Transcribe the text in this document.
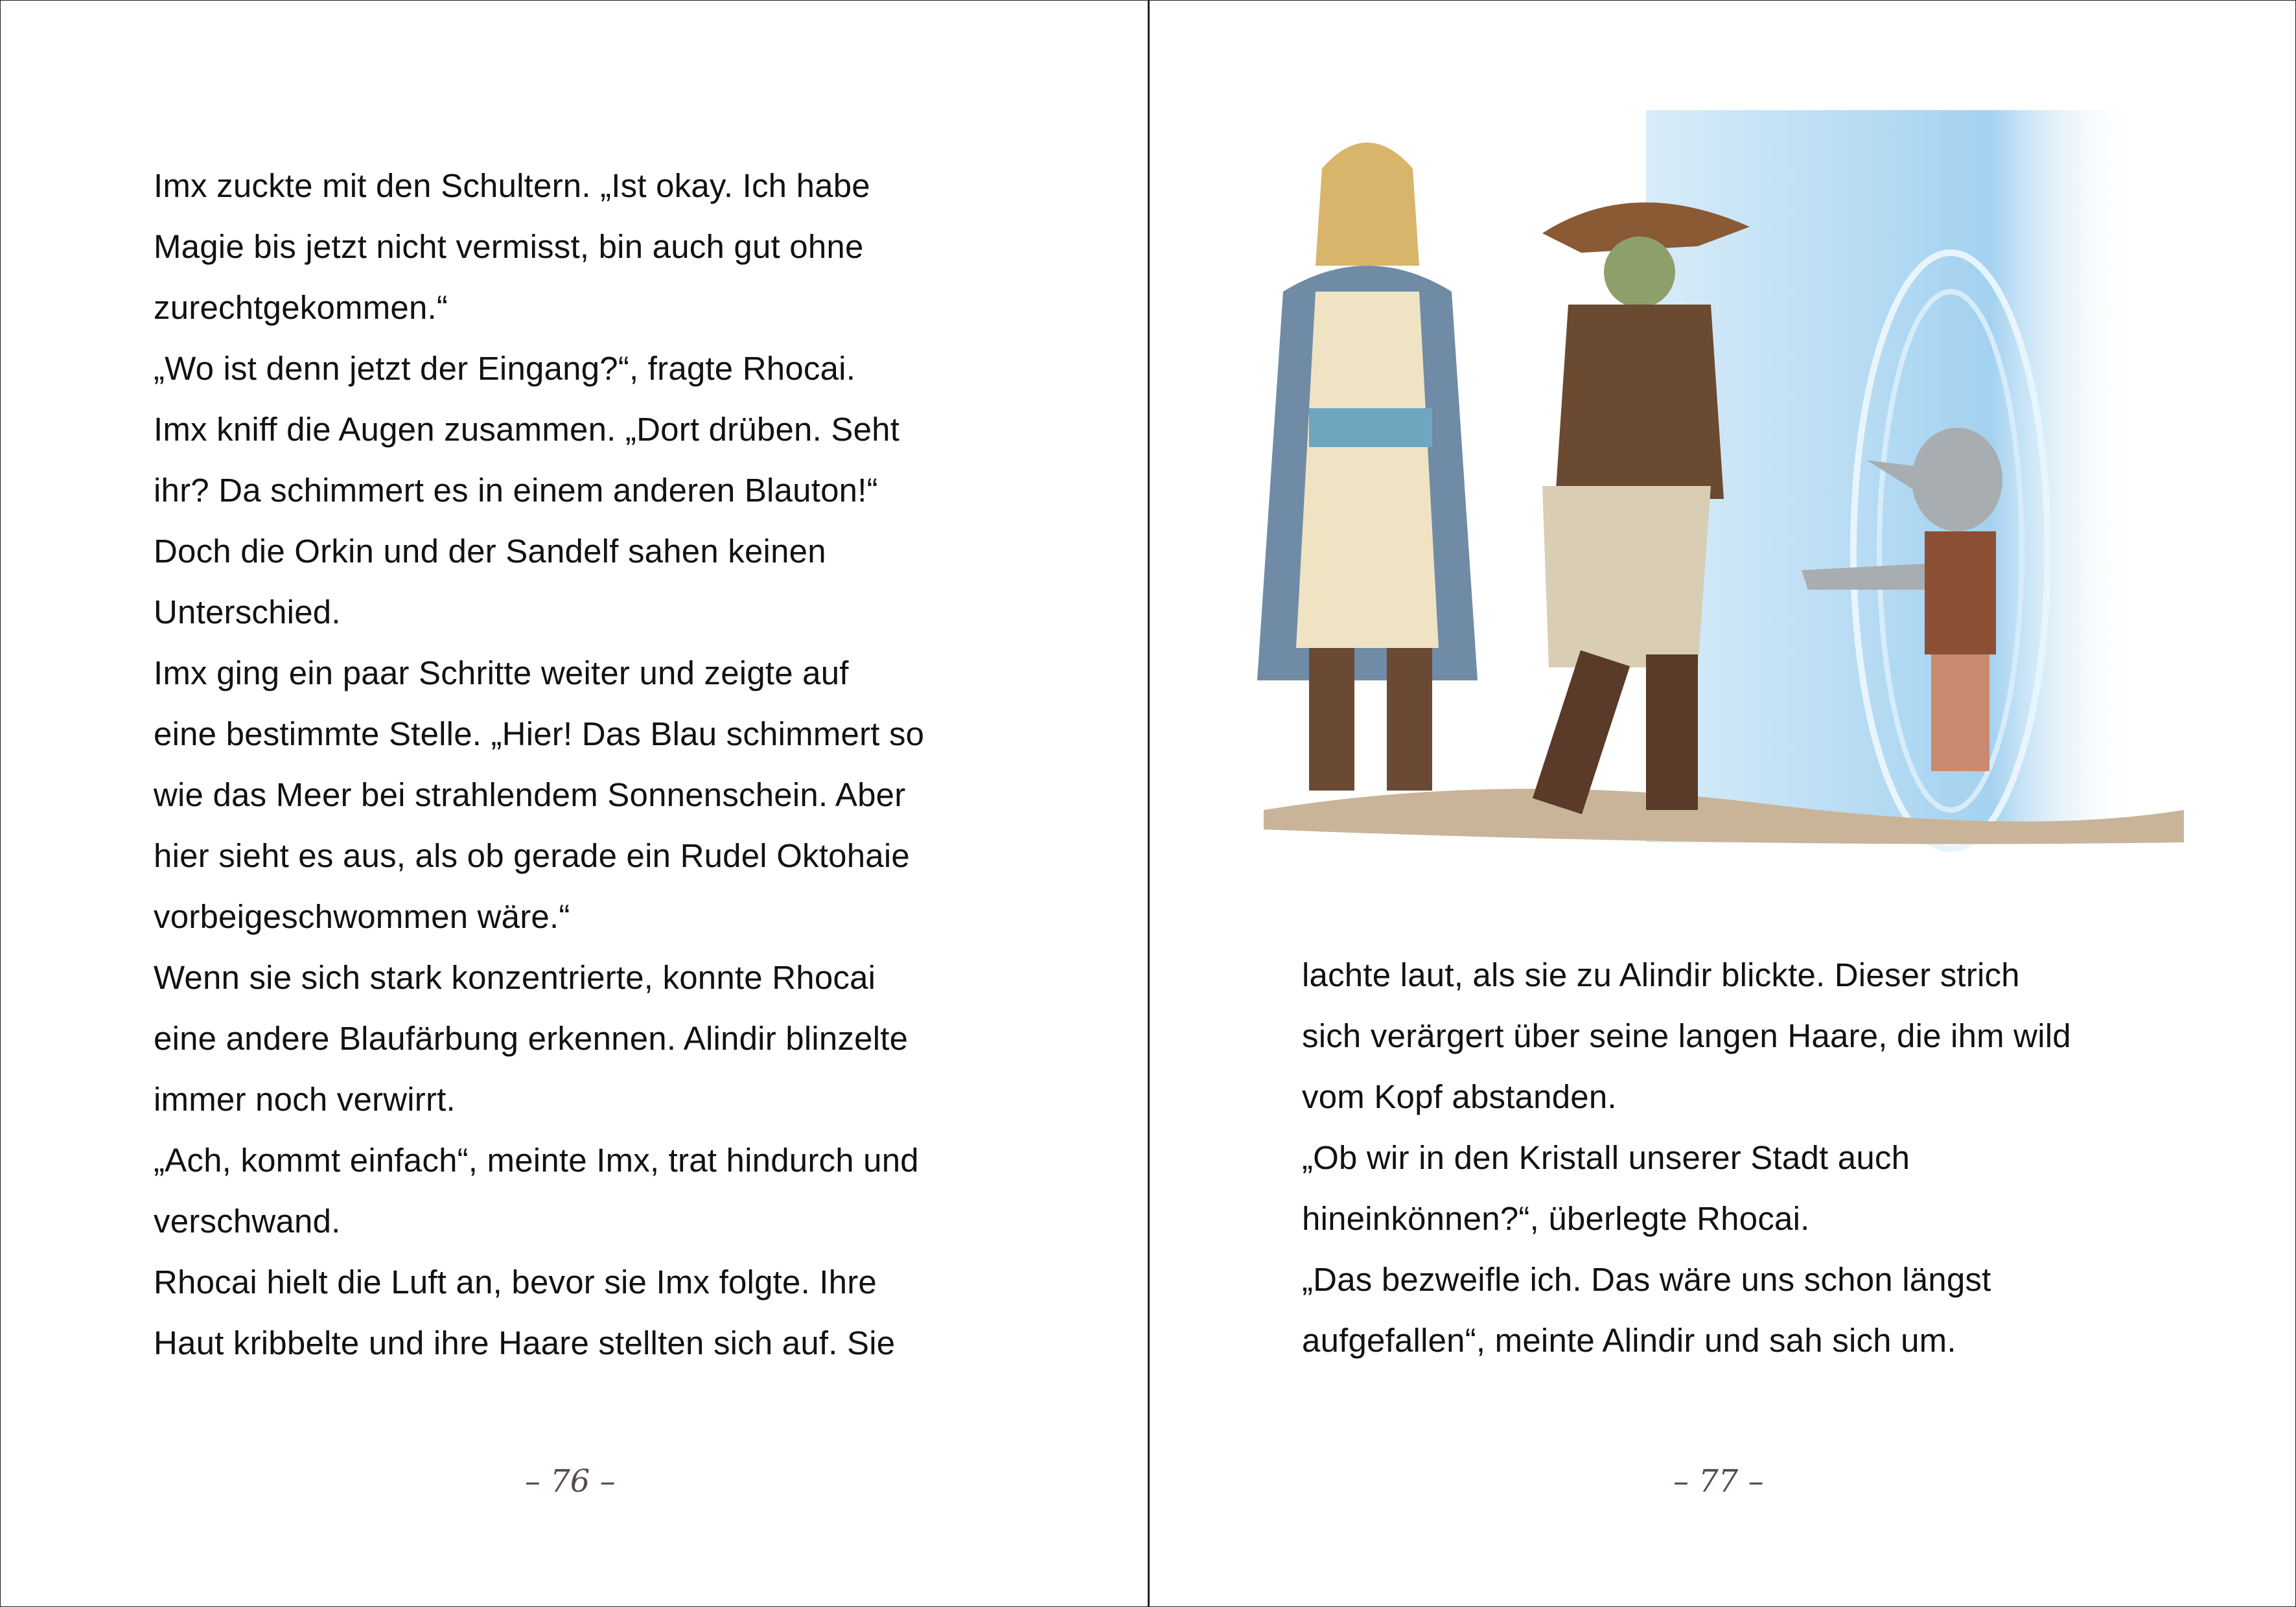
Imx zuckte mit den Schultern. „Ist okay. Ich habe
Magie bis jetzt nicht vermisst, bin auch gut ohne
zurechtgekommen.“
„Wo ist denn jetzt der Eingang?“, fragte Rhocai.
Imx kniff die Augen zusammen. „Dort drüben. Seht
ihr? Da schimmert es in einem anderen Blauton!“
Doch die Orkin und der Sandelf sahen keinen
Unterschied.
Imx ging ein paar Schritte weiter und zeigte auf
eine bestimmte Stelle. „Hier! Das Blau schimmert so
wie das Meer bei strahlendem Sonnenschein. Aber
hier sieht es aus, als ob gerade ein Rudel Oktohaie
vorbeigeschwommen wäre.“
Wenn sie sich stark konzentrierte, konnte Rhocai
eine andere Blaufärbung erkennen. Alindir blinzelte
immer noch verwirrt.
„Ach, kommt einfach“, meinte Imx, trat hindurch und
verschwand.
Rhocai hielt die Luft an, bevor sie Imx folgte. Ihre
Haut kribbelte und ihre Haare stellten sich auf. Sie
lachte laut, als sie zu Alindir blickte. Dieser strich
sich verärgert über seine langen Haare, die ihm wild
vom Kopf abstanden.
„Ob wir in den Kristall unserer Stadt auch
hineinkönnen?“, überlegte Rhocai.
„Das bezweifle ich. Das wäre uns schon längst
aufgefallen“, meinte Alindir und sah sich um.
– 76 –	– 77 –
